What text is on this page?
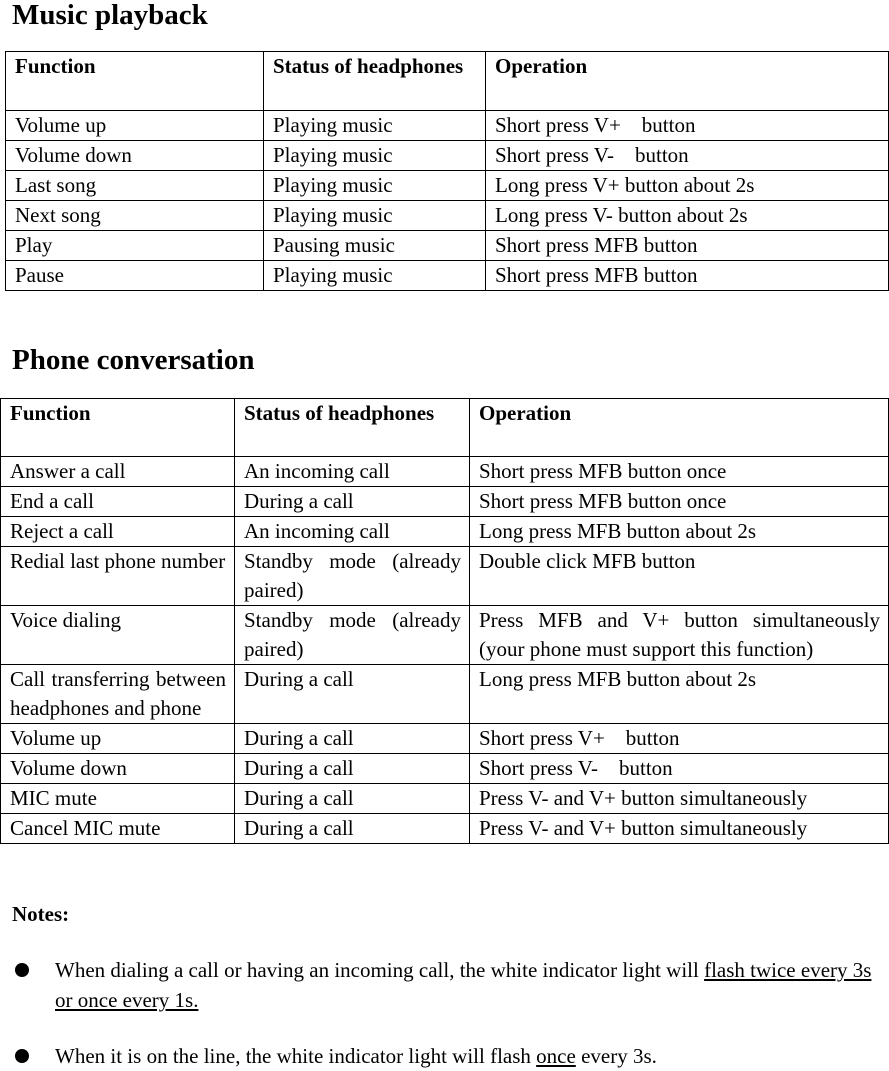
Music playback
Function	Status of headphones	Operation
Volume up	Playing music	Short press V+    button
Volume down	Playing music	Short press V-    button
Last song	Playing music	Long press V+ button about 2s
Next song	Playing music	Long press V- button about 2s
Play	Pausing music	Short press MFB button
Pause	Playing music	Short press MFB button
Phone conversation
Function	Status of headphones	Operation
Answer a call	An incoming call	Short press MFB button once
End a call	During a call	Short press MFB button once
Reject a call	An incoming call	Long press MFB button about 2s
Redial last phone number	Standby mode (already paired)	Double click MFB button
Voice dialing	Standby mode (already paired)	Press MFB and V+ button simultaneously (your phone must support this function)
Call transferring between headphones and phone	During a call	Long press MFB button about 2s
Volume up	During a call	Short press V+    button
Volume down	During a call	Short press V-    button
MIC mute	During a call	Press V- and V+ button simultaneously
Cancel MIC mute	During a call	Press V- and V+ button simultaneously

Notes:

When dialing a call or having an incoming call, the white indicator light will flash twice every 3s or once every 1s.
When it is on the line, the white indicator light will flash once every 3s.
